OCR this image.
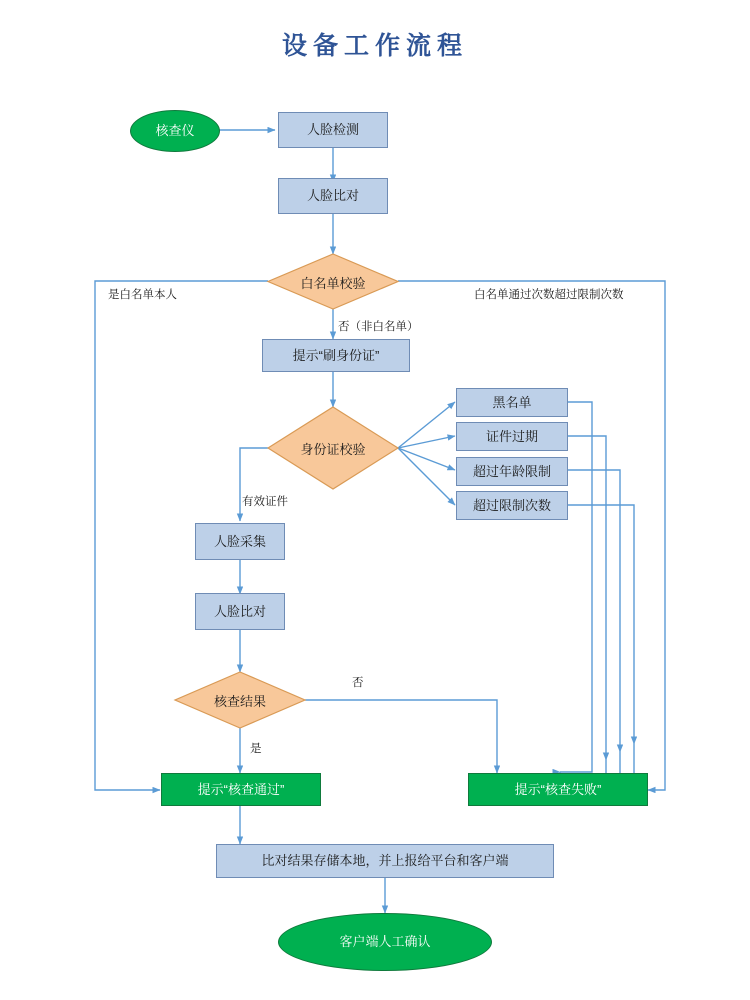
设备工作流程
核查仪	人脸检测
人脸比对
白名单校验
提示“刷身份证”
身份证校验
黑名单
证件过期
超过年龄限制
超过限制次数
人脸采集
人脸比对
核查结果
提示“核查通过”	提示“核查失败”
比对结果存储本地，并上报给平台和客户端
客户端人工确认
是白名单本人	白名单通过次数超过限制次数
否（非白名单）
有效证件
否
是
